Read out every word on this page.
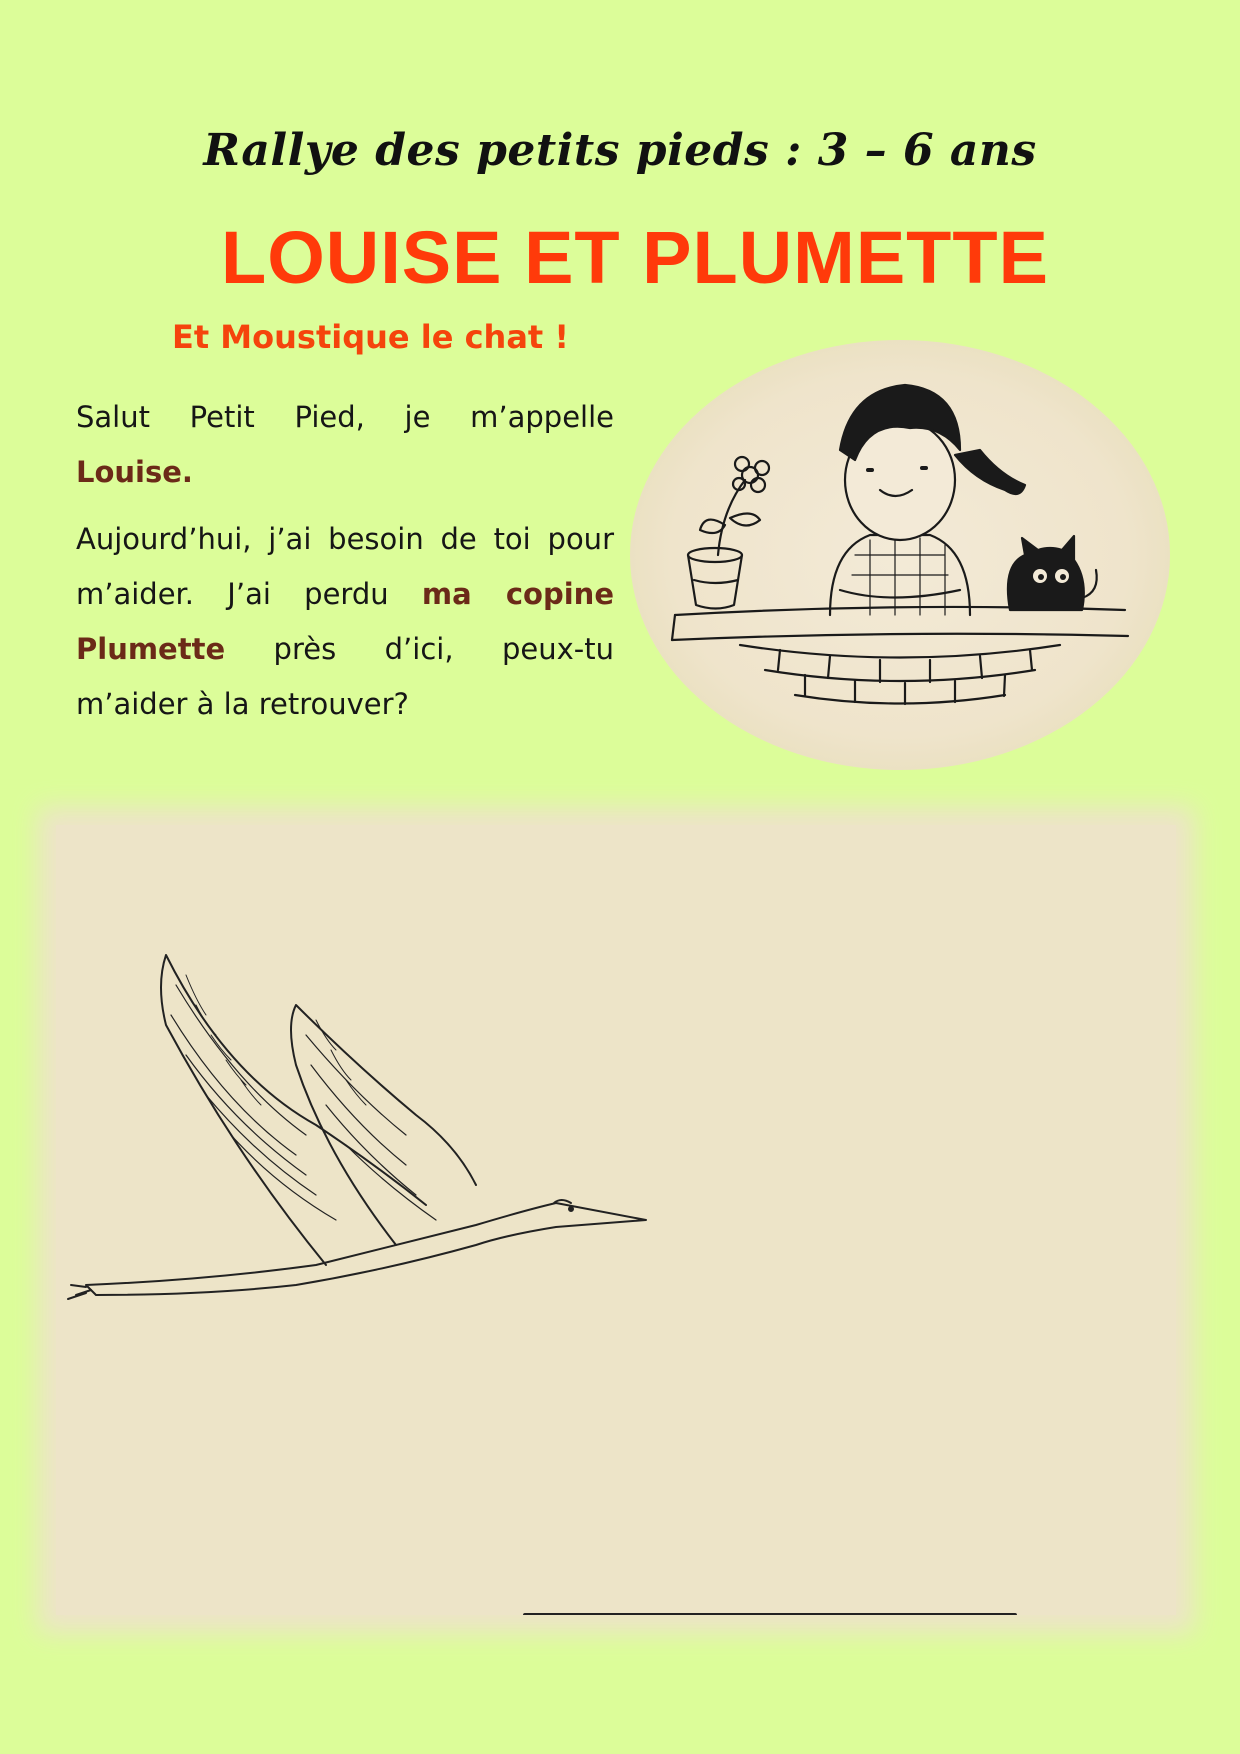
Rallye des petits pieds : 3 – 6 ans
LOUISE ET PLUMETTE
Et Moustique le chat !

Salut Petit Pied, je m’appelle Louise.

Aujourd’hui, j’ai besoin de toi pour m’aider. J’ai perdu ma copine Plumette près d’ici, peux-tu m’aider à la retrouver?
